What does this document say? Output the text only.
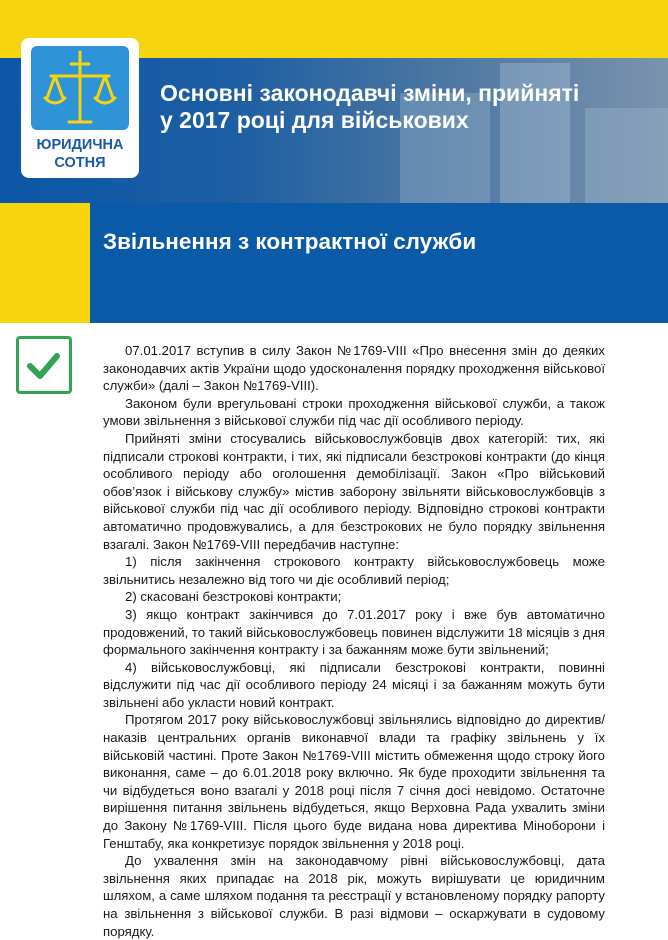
ЮРИДИЧНА
СОТНЯ
Основні законодавчі зміни, прийняті у 2017 році для військових
Звільнення з контрактної служби

07.01.2017 вступив в силу Закон №1769-VIII «Про внесення змін до деяких законодавчих актів України щодо удосконалення порядку проходження військової служби» (далі – Закон №1769-VIII).

Законом були врегульовані строки проходження військової служби, а також умови звільнення з військової служби під час дії особливого періоду.

Прийняті зміни стосувались військовослужбовців двох категорій: тих, які підписали строкові контракти, і тих, які підписали безстрокові контракти (до кінця особливого періоду або оголошення демобілізації. Закон «Про військовий обов’язок і військову службу» містив заборону звільняти військовослужбовців з військової служби під час дії особливого періоду. Відповідно строкові контракти автоматично продовжувались, а для безстрокових не було порядку звільнення взагалі. Закон №1769-VIII передбачив наступне:

1) після закінчення строкового контракту військовослужбовець може звільнитись незалежно від того чи діє особливий період;

2) скасовані безстрокові контракти;

3) якщо контракт закінчився до 7.01.2017 року і вже був автоматично продовжений, то такий військовослужбовець повинен відслужити 18 місяців з дня формального закінчення контракту і за бажанням може бути звільнений;

4) військовослужбовці, які підписали безстрокові контракти, повинні відслужити під час дії особливого періоду 24 місяці і за бажанням можуть бути звільнені або укласти новий контракт.

Протягом 2017 року військовослужбовці звільнялись відповідно до директив/наказів центральних органів виконавчої влади та графіку звільнень у їх військовій частині. Проте Закон №1769-VIII містить обмеження щодо строку його виконання, саме – до 6.01.2018 року включно. Як буде проходити звільнення та чи відбудеться воно взагалі у 2018 році після 7 січня досі невідомо. Остаточне вирішення питання звільнень відбудеться, якщо Верховна Рада ухвалить зміни до Закону №1769-VIII. Після цього буде видана нова директива Міноборони і Генштабу, яка конкретизує порядок звільнення у 2018 році.

До ухвалення змін на законодавчому рівні військовослужбовці, дата звільнення яких припадає на 2018 рік, можуть вирішувати це юридичним шляхом, а саме шляхом подання та реєстрації у встановленому порядку рапорту на звільнення з військової служби. В разі відмови – оскаржувати в судовому порядку.
